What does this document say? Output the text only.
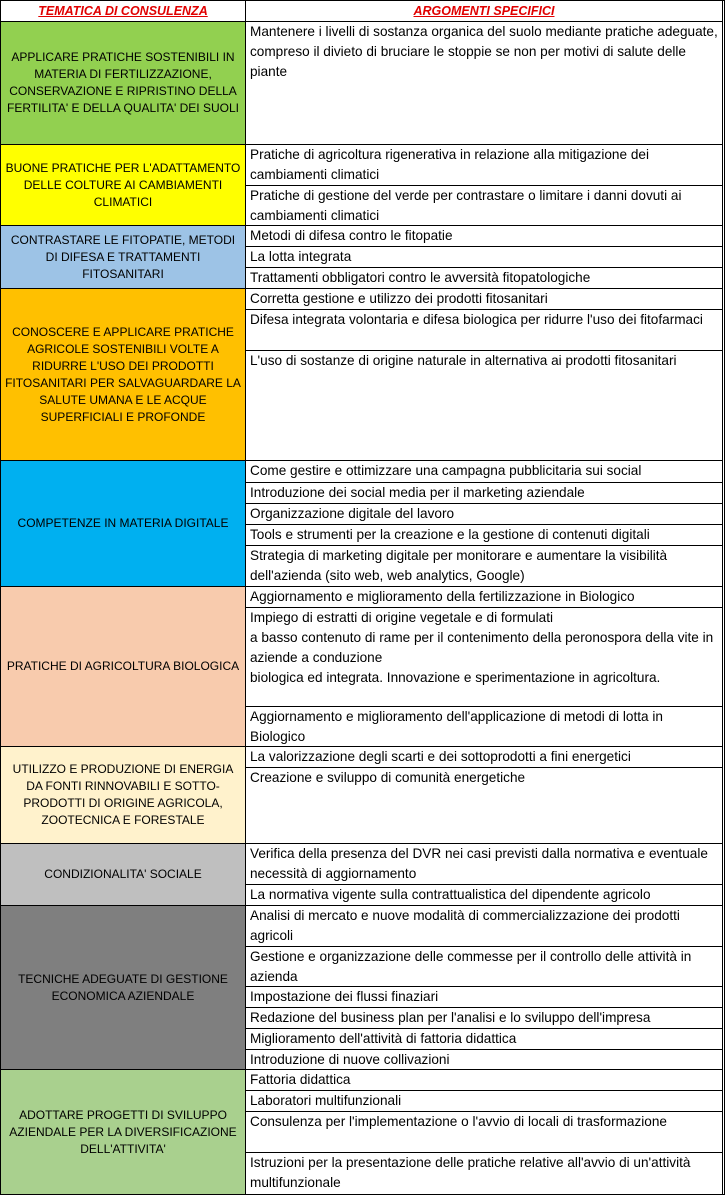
TEMATICA DI CONSULENZA	ARGOMENTI SPECIFICI
APPLICARE PRATICHE SOSTENIBILI IN MATERIA DI FERTILIZZAZIONE, CONSERVAZIONE E RIPRISTINO DELLA FERTILITA' E DELLA QUALITA' DEI SUOLI
Mantenere i livelli di sostanza organica del suolo mediante pratiche adeguate, compreso il divieto di bruciare le stoppie se non per motivi di salute delle piante
BUONE PRATICHE PER L'ADATTAMENTO DELLE COLTURE AI CAMBIAMENTI CLIMATICI
Pratiche di agricoltura rigenerativa in relazione alla mitigazione dei cambiamenti climatici
Pratiche di gestione del verde per contrastare o limitare i danni dovuti ai cambiamenti climatici
CONTRASTARE LE FITOPATIE, METODI DI DIFESA E TRATTAMENTI FITOSANITARI
Metodi di difesa contro le fitopatie
La lotta integrata
Trattamenti obbligatori contro le avversità fitopatologiche
CONOSCERE E APPLICARE PRATICHE AGRICOLE SOSTENIBILI VOLTE A RIDURRE L'USO DEI PRODOTTI FITOSANITARI PER SALVAGUARDARE LA SALUTE UMANA E LE ACQUE SUPERFICIALI E PROFONDE
Corretta gestione e utilizzo dei prodotti fitosanitari
Difesa integrata volontaria e difesa biologica per ridurre l'uso dei fitofarmaci
L'uso di sostanze di origine naturale in alternativa ai prodotti fitosanitari
COMPETENZE IN MATERIA DIGITALE
Come gestire e ottimizzare una campagna pubblicitaria sui social
Introduzione dei social media per il marketing aziendale
Organizzazione digitale del lavoro
Tools e strumenti per la creazione e la gestione di contenuti digitali
Strategia di marketing digitale per monitorare e aumentare la visibilità dell'azienda (sito web, web analytics, Google)
PRATICHE DI AGRICOLTURA BIOLOGICA
Aggiornamento e miglioramento della fertilizzazione in Biologico
Impiego di estratti di origine vegetale e di formulati
a basso contenuto di rame per il contenimento della peronospora della vite in aziende a conduzione
biologica ed integrata. Innovazione e sperimentazione in agricoltura.
Aggiornamento e miglioramento dell'applicazione di metodi di lotta in Biologico
UTILIZZO E PRODUZIONE DI ENERGIA DA FONTI RINNOVABILI E SOTTO-PRODOTTI DI ORIGINE AGRICOLA, ZOOTECNICA E FORESTALE
La valorizzazione degli scarti e dei sottoprodotti a fini energetici
Creazione e sviluppo di comunità energetiche
CONDIZIONALITA' SOCIALE
Verifica della presenza del DVR nei casi previsti dalla normativa e eventuale necessità di aggiornamento
La normativa vigente sulla contrattualistica del dipendente agricolo
TECNICHE ADEGUATE DI GESTIONE ECONOMICA AZIENDALE
Analisi di mercato e nuove modalità di commercializzazione dei prodotti agricoli
Gestione e organizzazione delle commesse per il controllo delle attività in azienda
Impostazione dei flussi finaziari
Redazione del business plan per l'analisi e lo sviluppo dell'impresa
Miglioramento dell'attività di fattoria didattica
Introduzione di nuove collivazioni
ADOTTARE PROGETTI DI SVILUPPO AZIENDALE PER LA DIVERSIFICAZIONE DELL'ATTIVITA'
Fattoria didattica
Laboratori multifunzionali
Consulenza per l'implementazione o l'avvio di locali di trasformazione
Istruzioni per la presentazione delle pratiche relative all'avvio di un'attività multifunzionale
